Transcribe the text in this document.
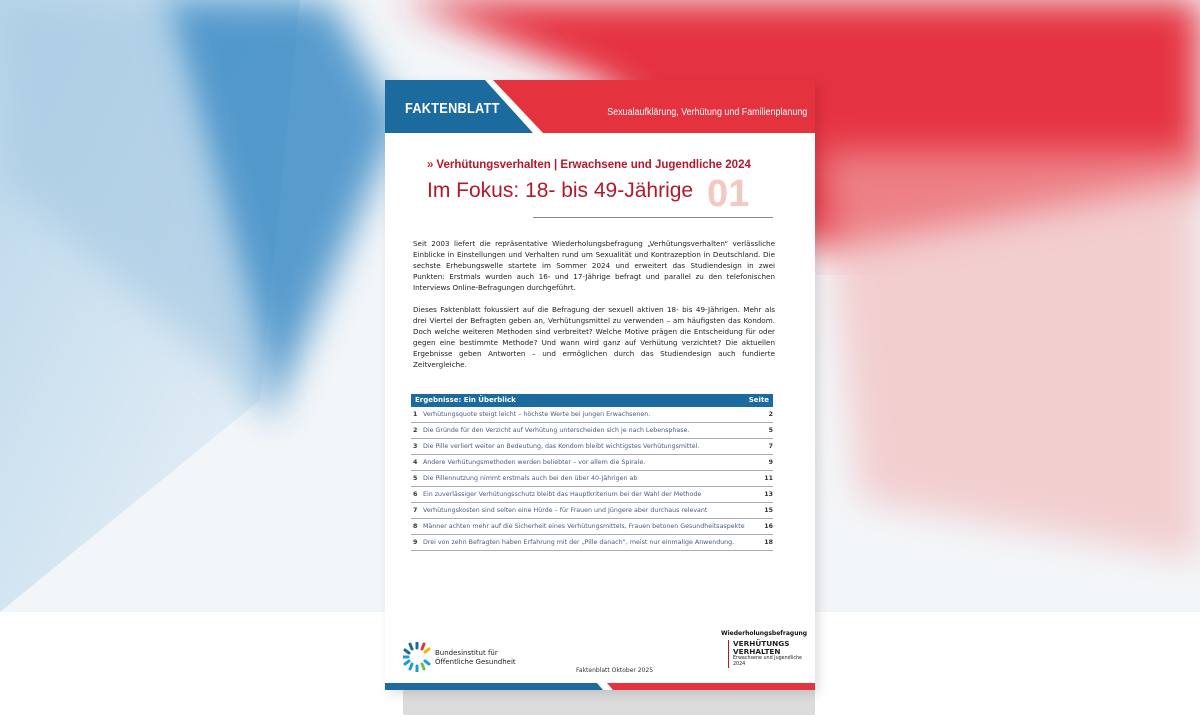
FAKTENBLATT	Sexualaufklärung, Verhütung und Familienplanung
01
» Verhütungsverhalten | Erwachsene und Jugendliche 2024
Im Fokus: 18- bis 49-Jährige

Seit 2003 liefert die repräsentative Wiederholungsbefragung „Verhütungsverhalten“ verlässliche Einblicke in Einstellungen und Verhalten rund um Sexualität und Kontrazeption in Deutschland. Die sechste Erhebungswelle startete im Sommer 2024 und erweitert das Studiendesign in zwei Punkten: Erstmals wurden auch 16- und 17-Jährige befragt und parallel zu den telefonischen Interviews Online-Befragungen durchgeführt.

Dieses Faktenblatt fokussiert auf die Befragung der sexuell aktiven 18- bis 49-Jährigen. Mehr als drei Viertel der Befragten geben an, Verhütungsmittel zu verwenden – am häufigsten das Kondom. Doch welche weiteren Methoden sind verbreitet? Welche Motive prägen die Entscheidung für oder gegen eine bestimmte Methode? Und wann wird ganz auf Verhütung verzichtet? Die aktuellen Ergebnisse geben Antworten – und ermöglichen durch das Studiendesign auch fundierte Zeitvergleiche.

Ergebnisse: Ein Überblick	Seite
1 Verhütungsquote steigt leicht – höchste Werte bei jungen Erwachsenen.	2
2 Die Gründe für den Verzicht auf Verhütung unterscheiden sich je nach Lebensphase.	5
3 Die Pille verliert weiter an Bedeutung, das Kondom bleibt wichtigstes Verhütungsmittel.	7
4 Andere Verhütungsmethoden werden beliebter – vor allem die Spirale.	9
5 Die Pillennutzung nimmt erstmals auch bei den über 40-Jährigen ab	11
6 Ein zuverlässiger Verhütungsschutz bleibt das Hauptkriterium bei der Wahl der Methode	13
7 Verhütungskosten sind selten eine Hürde – für Frauen und Jüngere aber durchaus relevant	15
8 Männer achten mehr auf die Sicherheit eines Verhütungsmittels, Frauen betonen Gesundheitsaspekte	16
9 Drei von zehn Befragten haben Erfahrung mit der „Pille danach“, meist nur einmalige Anwendung.	18
Bundesinstitut für
Öffentliche Gesundheit
Faktenblatt Oktober 2025
Wiederholungsbefragung
VERHÜTUNGS
VERHALTEN
Erwachsene und Jugendliche
2024
